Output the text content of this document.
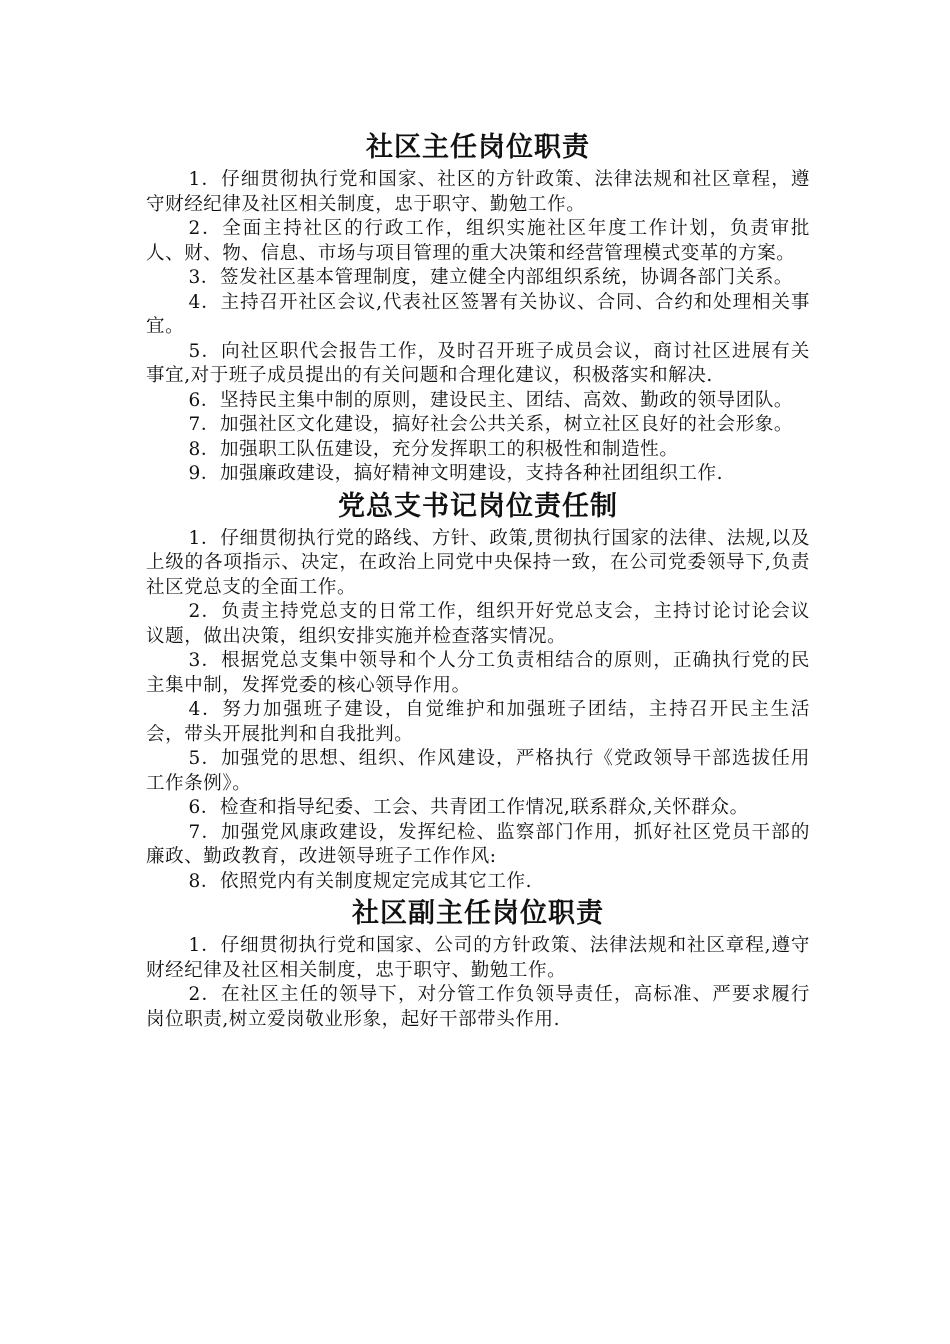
社区主任岗位职责

1．仔细贯彻执行党和国家、社区的方针政策、法律法规和社区章程，遵守财经纪律及社区相关制度，忠于职守、勤勉工作。

2．全面主持社区的行政工作，组织实施社区年度工作计划，负责审批人、财、物、信息、市场与项目管理的重大决策和经营管理模式变革的方案。

3．签发社区基本管理制度，建立健全内部组织系统，协调各部门关系。

4．主持召开社区会议,代表社区签署有关协议、合同、合约和处理相关事宜。

5．向社区职代会报告工作，及时召开班子成员会议，商讨社区进展有关事宜,对于班子成员提出的有关问题和合理化建议，积极落实和解决.

6．坚持民主集中制的原则，建设民主、团结、高效、勤政的领导团队。

7．加强社区文化建设，搞好社会公共关系，树立社区良好的社会形象。

8．加强职工队伍建设，充分发挥职工的积极性和制造性。

9．加强廉政建设，搞好精神文明建设，支持各种社团组织工作.

党总支书记岗位责任制

1．仔细贯彻执行党的路线、方针、政策,贯彻执行国家的法律、法规,以及上级的各项指示、决定，在政治上同党中央保持一致，在公司党委领导下,负责社区党总支的全面工作。

2．负责主持党总支的日常工作，组织开好党总支会，主持讨论讨论会议议题，做出决策，组织安排实施并检查落实情况。

3．根据党总支集中领导和个人分工负责相结合的原则，正确执行党的民主集中制，发挥党委的核心领导作用。

4．努力加强班子建设，自觉维护和加强班子团结，主持召开民主生活会，带头开展批判和自我批判。

5．加强党的思想、组织、作风建设，严格执行《党政领导干部选拔任用工作条例》。

6．检查和指导纪委、工会、共青团工作情况,联系群众,关怀群众。

7．加强党风康政建设，发挥纪检、监察部门作用，抓好社区党员干部的廉政、勤政教育，改进领导班子工作作风:

8．依照党内有关制度规定完成其它工作.

社区副主任岗位职责

1．仔细贯彻执行党和国家、公司的方针政策、法律法规和社区章程,遵守财经纪律及社区相关制度，忠于职守、勤勉工作。

2．在社区主任的领导下，对分管工作负领导责任，高标准、严要求履行岗位职责,树立爱岗敬业形象，起好干部带头作用.
